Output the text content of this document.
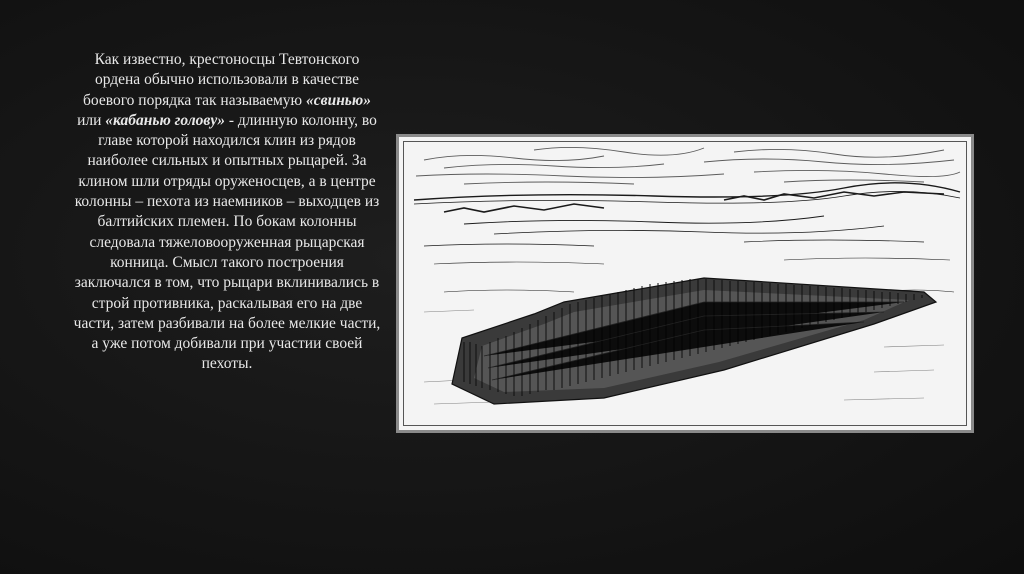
Как известно, крестоносцы Тевтонского ордена обычно использовали в качестве боевого порядка так называемую «свинью» или «кабанью голову» - длинную колонну, во главе которой находился клин из рядов наиболее сильных и опытных рыцарей. За клином шли отряды оруженосцев, а в центре колонны – пехота из наемников – выходцев из балтийских племен. По бокам колонны следовала тяжеловооруженная рыцарская конница. Смысл такого построения заключался в том, что рыцари вклинивались в строй противника, раскалывая его на две части, затем разбивали на более мелкие части, а уже потом добивали при участии своей пехоты.
